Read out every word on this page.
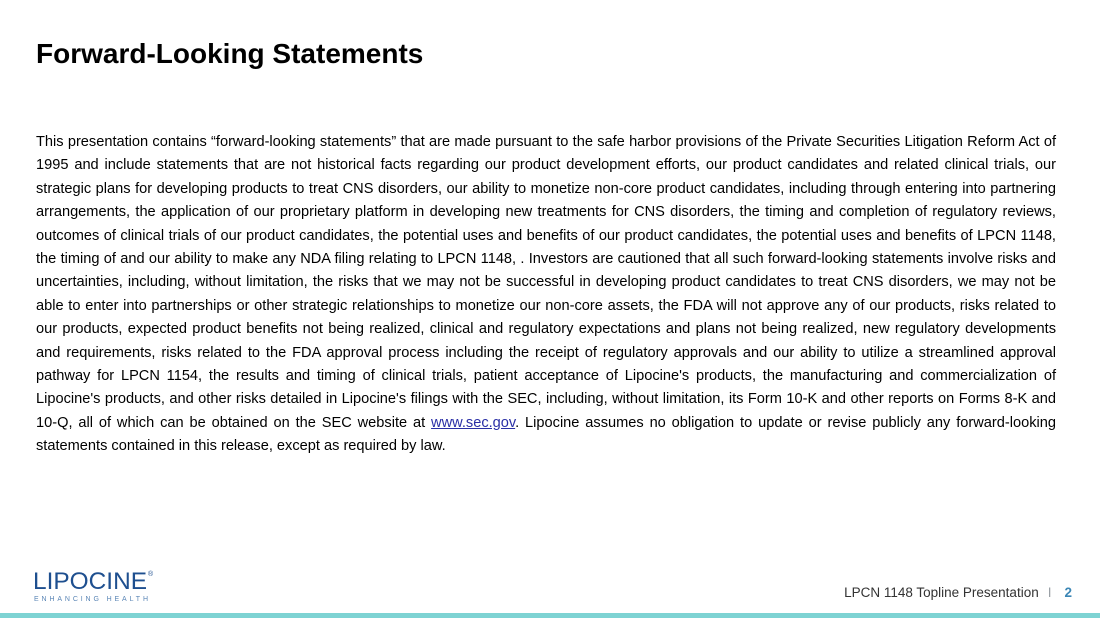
Forward-Looking Statements

This presentation contains “forward-looking statements” that are made pursuant to the safe harbor provisions of the Private Securities Litigation Reform Act of 1995 and include statements that are not historical facts regarding our product development efforts, our product candidates and related clinical trials, our strategic plans for developing products to treat CNS disorders, our ability to monetize non-core product candidates, including through entering into partnering arrangements, the application of our proprietary platform in developing new treatments for CNS disorders, the timing and completion of regulatory reviews, outcomes of clinical trials of our product candidates, the potential uses and benefits of our product candidates, the potential uses and benefits of LPCN 1148, the timing of and our ability to make any NDA filing relating to LPCN 1148, . Investors are cautioned that all such forward-looking statements involve risks and uncertainties, including, without limitation, the risks that we may not be successful in developing product candidates to treat CNS disorders, we may not be able to enter into partnerships or other strategic relationships to monetize our non-core assets, the FDA will not approve any of our products, risks related to our products, expected product benefits not being realized, clinical and regulatory expectations and plans not being realized, new regulatory developments and requirements, risks related to the FDA approval process including the receipt of regulatory approvals and our ability to utilize a streamlined approval pathway for LPCN 1154, the results and timing of clinical trials, patient acceptance of Lipocine's products, the manufacturing and commercialization of Lipocine's products, and other risks detailed in Lipocine's filings with the SEC, including, without limitation, its Form 10-K and other reports on Forms 8-K and 10-Q, all of which can be obtained on the SEC website at www.sec.gov. Lipocine assumes no obligation to update or revise publicly any forward-looking statements contained in this release, except as required by law.

LIPOCINE ®
ENHANCING HEALTH	LPCN 1148 Topline Presentation I 2
